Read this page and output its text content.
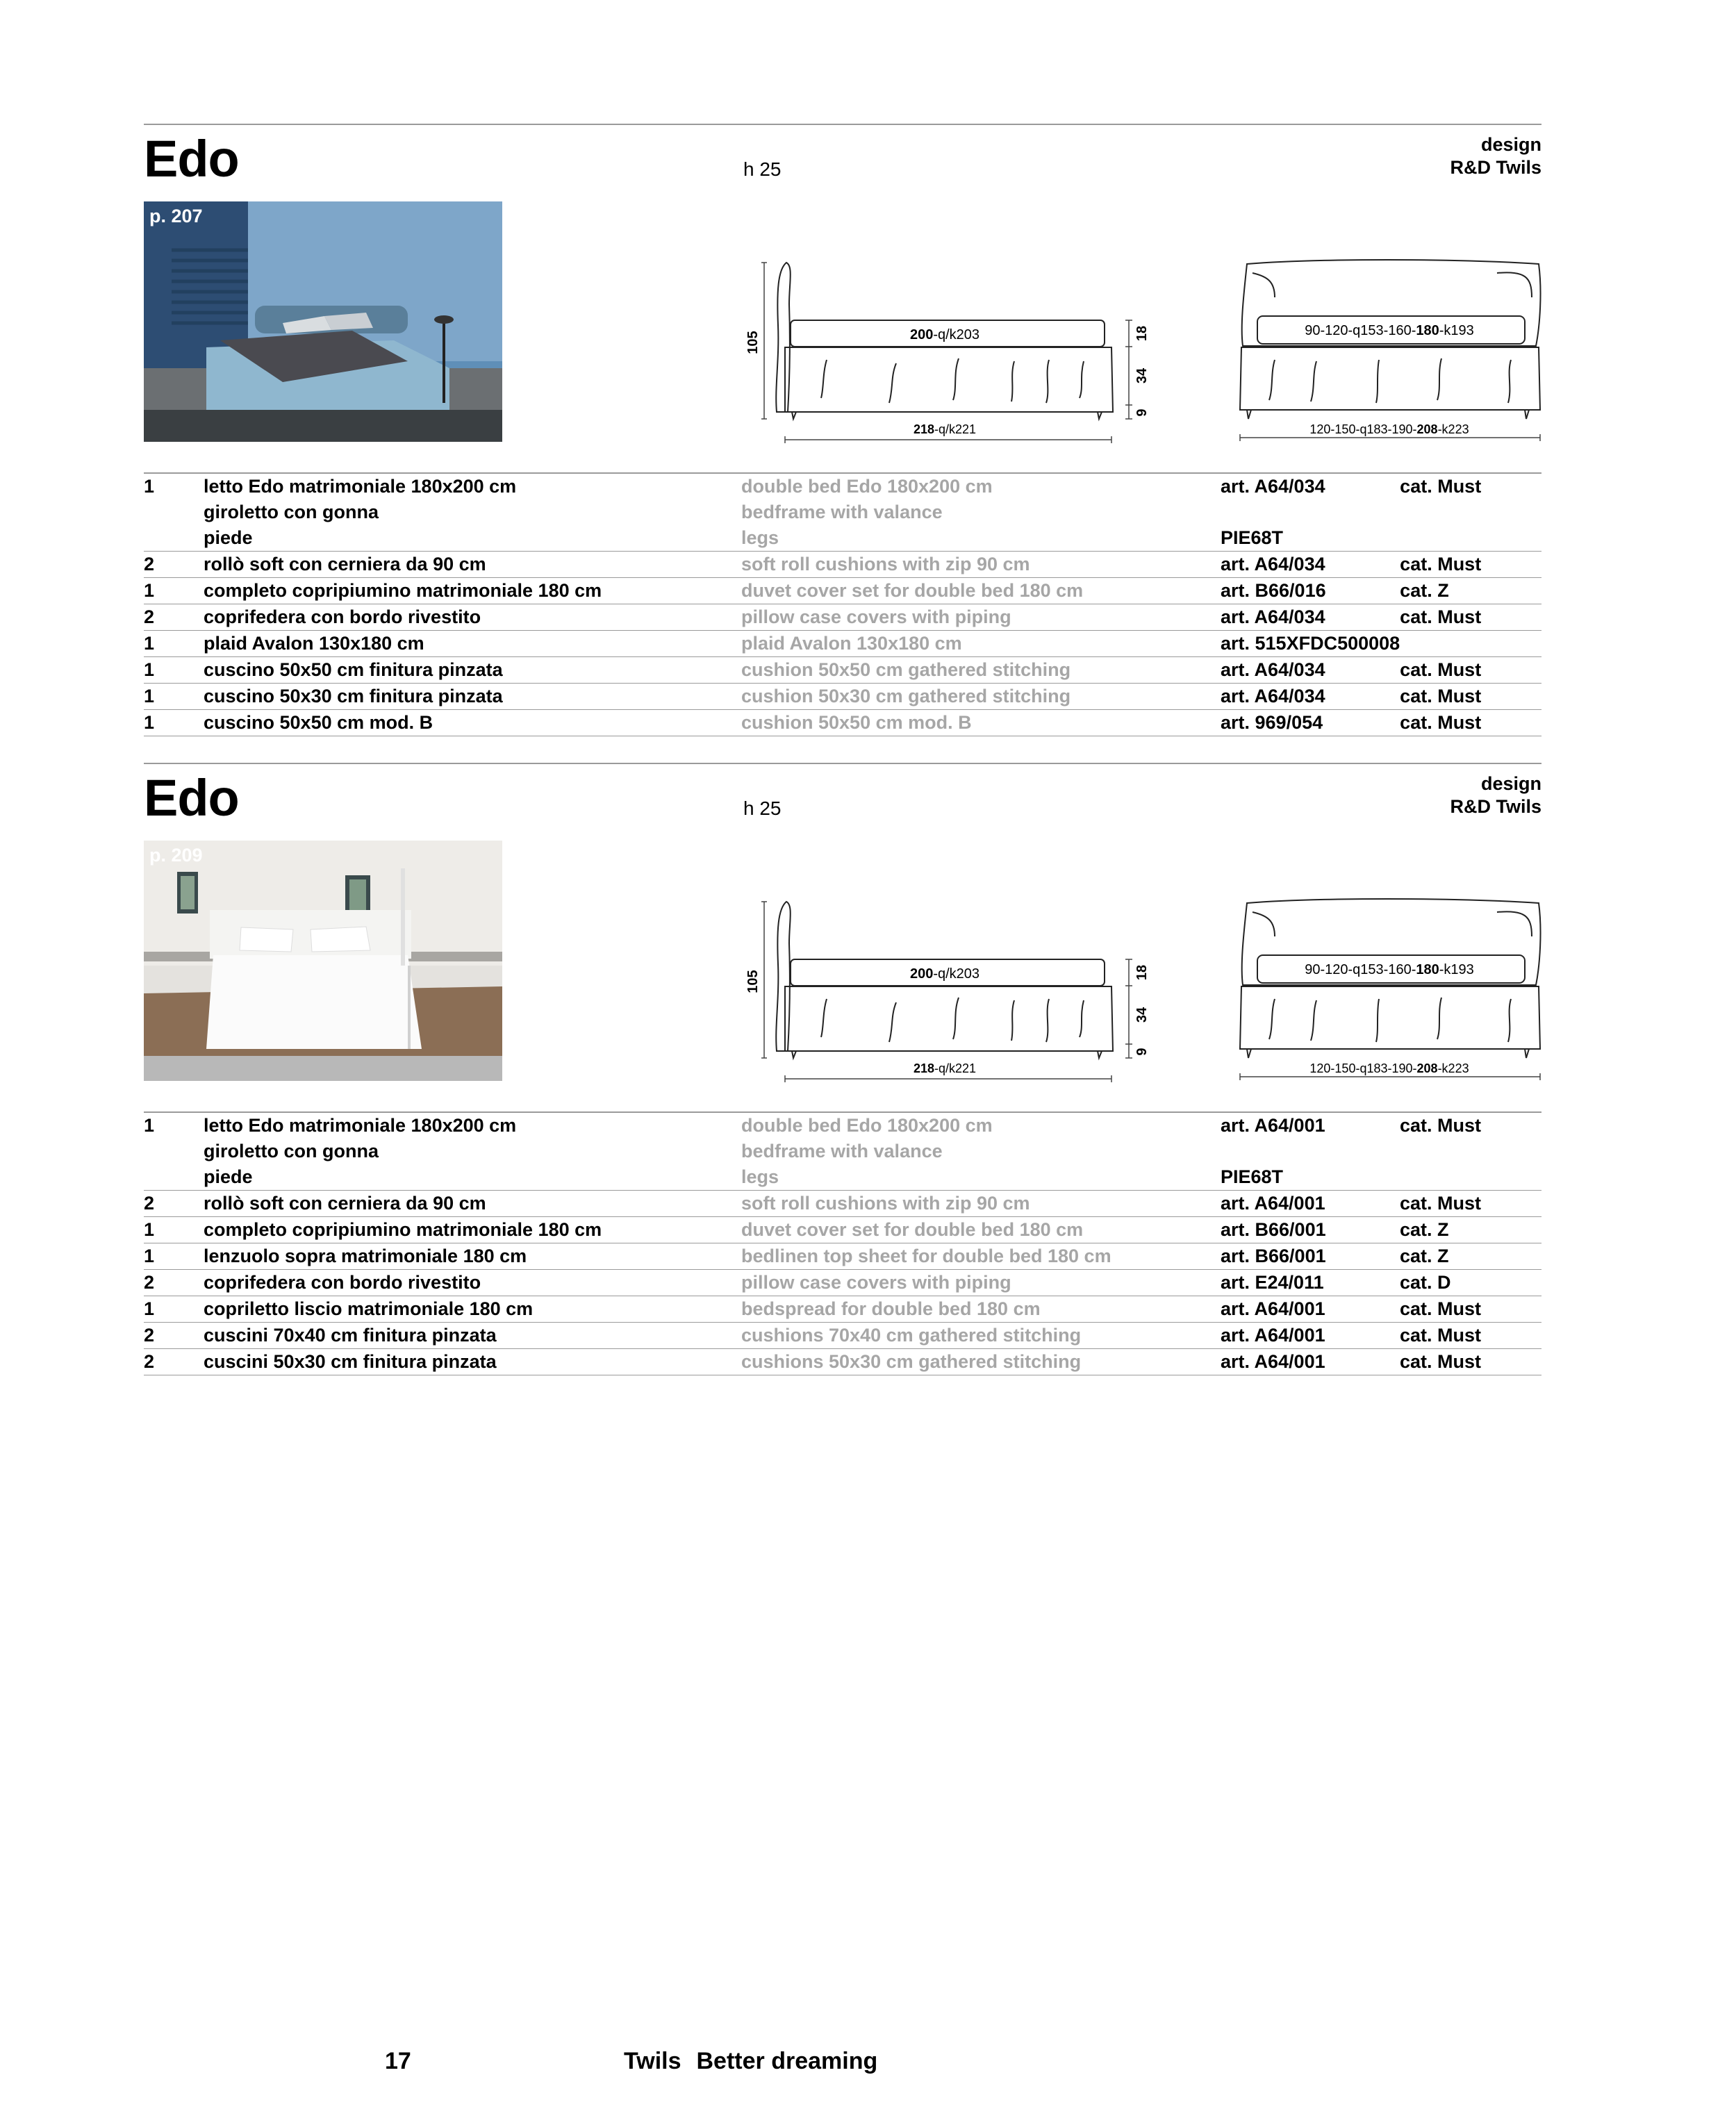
Edo	h 25
design
R&D Twils
p. 207
105	200-q/k203
218-q/k221
18
34
9
90-120-q153-160-180-k193
120-150-q183-190-208-k223
1	letto Edo matrimoniale 180x200 cm	double bed Edo 180x200 cm	art. A64/034	cat. Must
	giroletto con gonna	bedframe with valance		
	piede	legs	PIE68T	
2	rollò soft con cerniera da 90 cm	soft roll cushions with zip 90 cm	art. A64/034	cat. Must
1	completo copripiumino matrimoniale 180 cm	duvet cover set for double bed 180 cm	art. B66/016	cat. Z
2	coprifedera con bordo rivestito	pillow case covers with piping	art. A64/034	cat. Must
1	plaid Avalon 130x180 cm	plaid Avalon 130x180 cm	art. 515XFDC500008	
1	cuscino 50x50 cm finitura pinzata	cushion 50x50 cm gathered stitching	art. A64/034	cat. Must
1	cuscino 50x30 cm finitura pinzata	cushion 50x30 cm gathered stitching	art. A64/034	cat. Must
1	cuscino 50x50 cm mod. B	cushion 50x50 cm mod. B	art. 969/054	cat. Must
Edo	h 25
design
R&D Twils
p. 209
105	200-q/k203
218-q/k221
18
34
9
90-120-q153-160-180-k193
120-150-q183-190-208-k223
1	letto Edo matrimoniale 180x200 cm	double bed Edo 180x200 cm	art. A64/001	cat. Must
	giroletto con gonna	bedframe with valance		
	piede	legs	PIE68T	
2	rollò soft con cerniera da 90 cm	soft roll cushions with zip 90 cm	art. A64/001	cat. Must
1	completo copripiumino matrimoniale 180 cm	duvet cover set for double bed 180 cm	art. B66/001	cat. Z
1	lenzuolo sopra matrimoniale 180 cm	bedlinen top sheet for double bed 180 cm	art. B66/001	cat. Z
2	coprifedera con bordo rivestito	pillow case covers with piping	art. E24/011	cat. D
1	copriletto liscio matrimoniale 180 cm	bedspread for double bed 180 cm	art. A64/001	cat. Must
2	cuscini 70x40 cm finitura pinzata	cushions 70x40 cm gathered stitching	art. A64/001	cat. Must
2	cuscini 50x30 cm finitura pinzata	cushions 50x30 cm gathered stitching	art. A64/001	cat. Must
17	Twils Better dreaming
